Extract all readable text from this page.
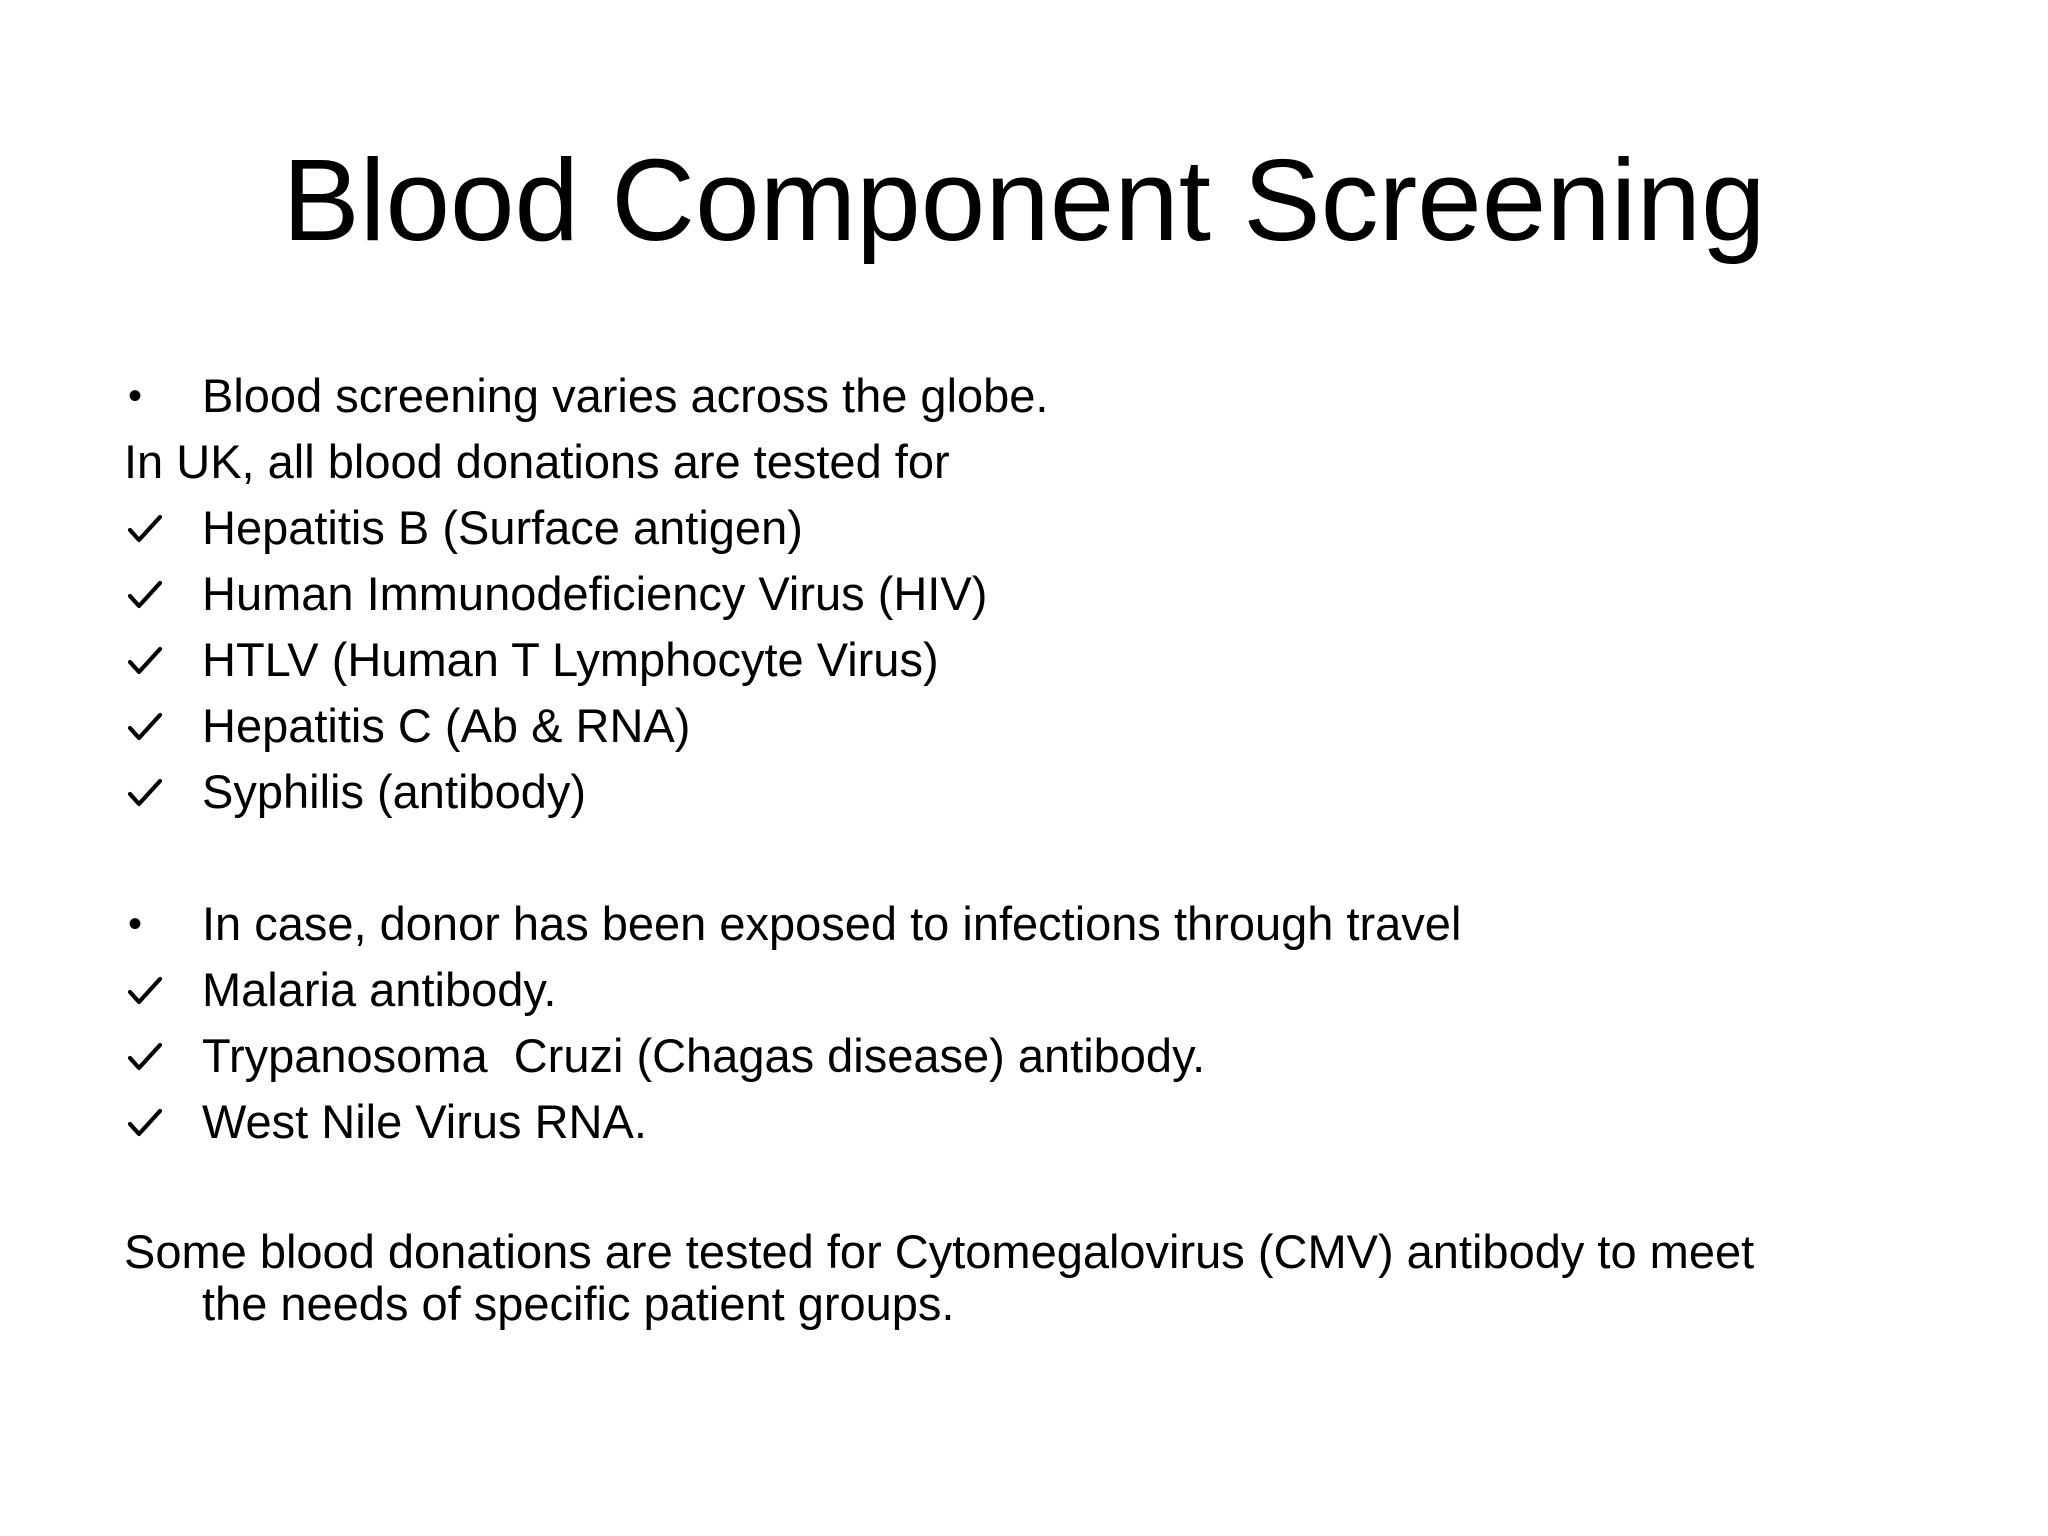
Blood Component Screening
•	Blood screening varies across the globe.
In UK, all blood donations are tested for
Hepatitis B (Surface antigen)
Human Immunodeficiency Virus (HIV)
HTLV (Human T Lymphocyte Virus)
Hepatitis C (Ab & RNA)
Syphilis (antibody)
•	In case, donor has been exposed to infections through travel
Malaria antibody.
Trypanosoma  Cruzi (Chagas disease) antibody.
West Nile Virus RNA.
Some blood donations are tested for Cytomegalovirus (CMV) antibody to meet
the needs of specific patient groups.
